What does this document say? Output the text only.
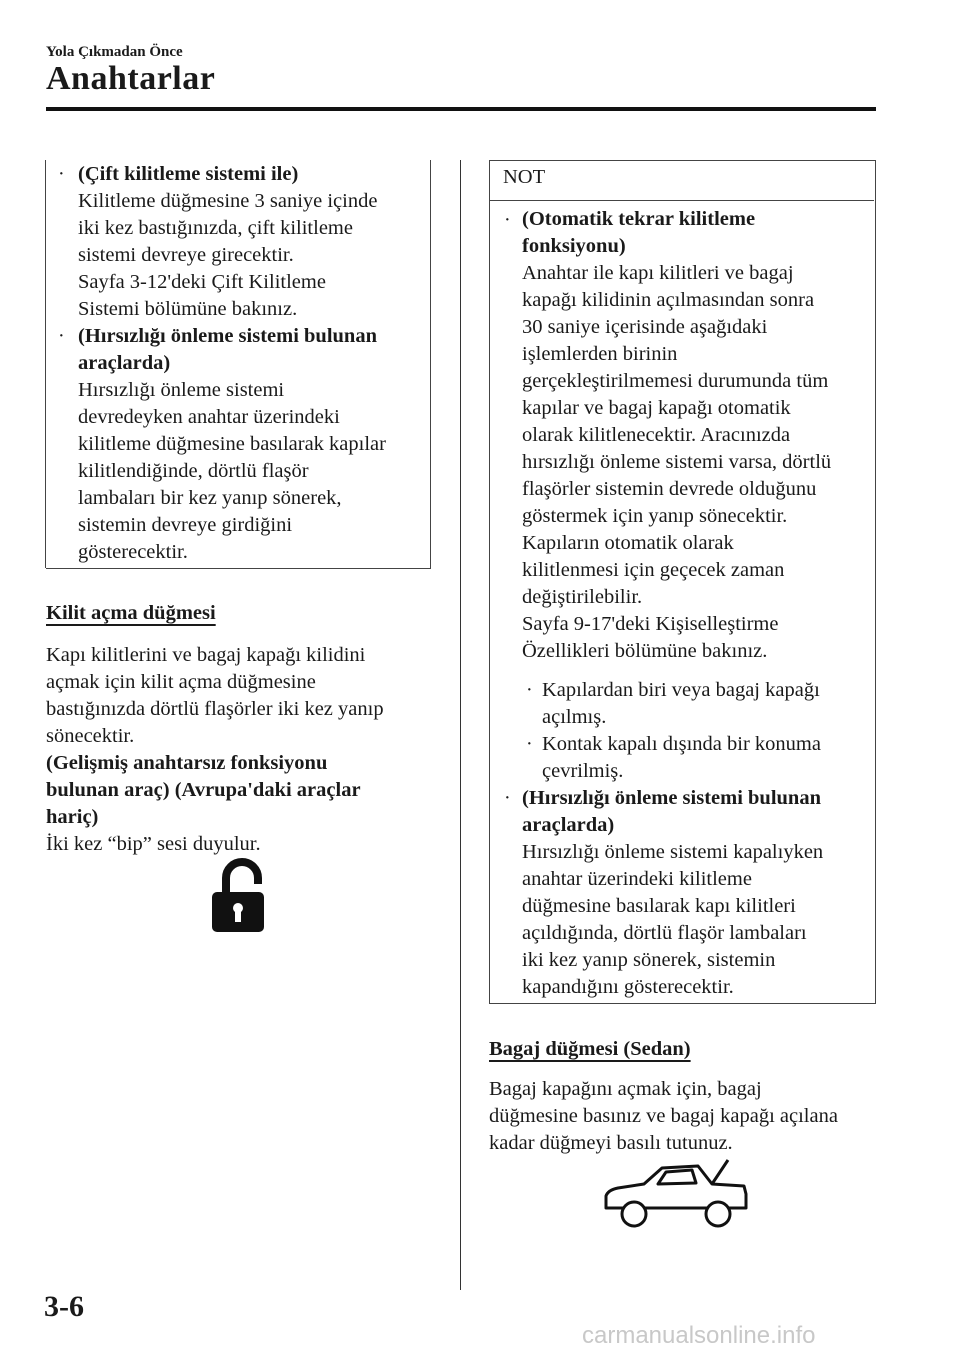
Yola Çıkmadan Önce
Anahtarlar
· (Çift kilitleme sistemi ile)
Kilitleme düğmesine 3 saniye içinde
iki kez bastığınızda, çift kilitleme
sistemi devreye girecektir.
Sayfa 3-12'deki Çift Kilitleme
Sistemi bölümüne bakınız.
· (Hırsızlığı önleme sistemi bulunan
araçlarda)
Hırsızlığı önleme sistemi
devredeyken anahtar üzerindeki
kilitleme düğmesine basılarak kapılar
kilitlendiğinde, dörtlü flaşör
lambaları bir kez yanıp sönerek,
sistemin devreye girdiğini
gösterecektir.
Kilit açma düğmesi
Kapı kilitlerini ve bagaj kapağı kilidini
açmak için kilit açma düğmesine
bastığınızda dörtlü flaşörler iki kez yanıp
sönecektir.
(Gelişmiş anahtarsız fonksiyonu
bulunan araç) (Avrupa'daki araçlar
hariç)
İki kez “bip” sesi duyulur.
NOT
· (Otomatik tekrar kilitleme
fonksiyonu)
Anahtar ile kapı kilitleri ve bagaj
kapağı kilidinin açılmasından sonra
30 saniye içerisinde aşağıdaki
işlemlerden birinin
gerçekleştirilmemesi durumunda tüm
kapılar ve bagaj kapağı otomatik
olarak kilitlenecektir. Aracınızda
hırsızlığı önleme sistemi varsa, dörtlü
flaşörler sistemin devrede olduğunu
göstermek için yanıp sönecektir.
Kapıların otomatik olarak
kilitlenmesi için geçecek zaman
değiştirilebilir.
Sayfa 9-17'deki Kişiselleştirme
Özellikleri bölümüne bakınız.
· Kapılardan biri veya bagaj kapağı
açılmış.
· Kontak kapalı dışında bir konuma
çevrilmiş.
· (Hırsızlığı önleme sistemi bulunan
araçlarda)
Hırsızlığı önleme sistemi kapalıyken
anahtar üzerindeki kilitleme
düğmesine basılarak kapı kilitleri
açıldığında, dörtlü flaşör lambaları
iki kez yanıp sönerek, sistemin
kapandığını gösterecektir.
Bagaj düğmesi (Sedan)
Bagaj kapağını açmak için, bagaj
düğmesine basınız ve bagaj kapağı açılana
kadar düğmeyi basılı tutunuz.
3-6
carmanualsonline.info
